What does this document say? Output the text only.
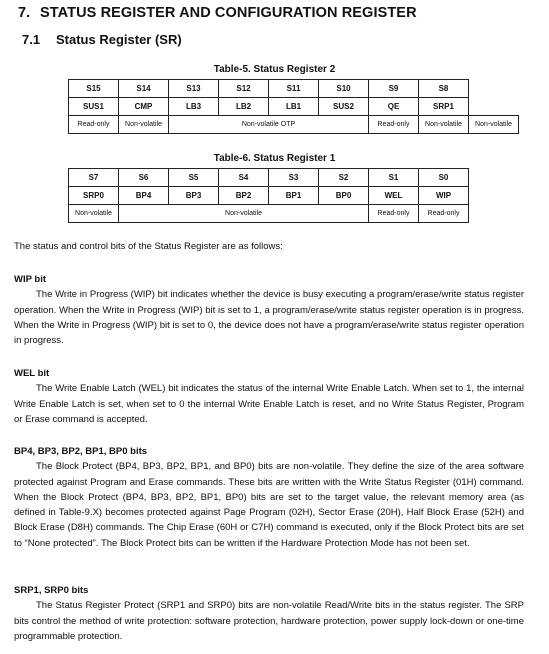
7. STATUS REGISTER AND CONFIGURATION REGISTER
7.1 Status Register (SR)
Table-5. Status Register 2
S15	S14	S13	S12	S11	S10	S9	S8	
SUS1	CMP	LB3	LB2	LB1	SUS2	QE	SRP1	
Read-only	Non-volatile	Non-volatile OTP				Read-only	Non-volatile	Non-volatile
Table-6. Status Register 1
S7	S6	S5	S4	S3	S2	S1	S0
SRP0	BP4	BP3	BP2	BP1	BP0	WEL	WIP
Non-volatile	Non-volatile					Read-only	Read-only
The status and control bits of the Status Register are as follows:
WIP bit
The Write in Progress (WIP) bit indicates whether the device is busy executing a program/erase/write status register operation. When the Write in Progress (WIP) bit is set to 1, a program/erase/write status register operation is in progress. When the Write in Progress (WIP) bit is set to 0, the device does not have a program/erase/write status register operation in progress.
WEL bit
The Write Enable Latch (WEL) bit indicates the status of the internal Write Enable Latch. When set to 1, the internal Write Enable Latch is set, when set to 0 the internal Write Enable Latch is reset, and no Write Status Register, Program or Erase command is accepted.
BP4, BP3, BP2, BP1, BP0 bits
The Block Protect (BP4, BP3, BP2, BP1, and BP0) bits are non-volatile. They define the size of the area software protected against Program and Erase commands. These bits are written with the Write Status Register (01H) command. When the Block Protect (BP4, BP3, BP2, BP1, BP0) bits are set to the target value, the relevant memory area (as defined in Table-9.X) becomes protected against Page Program (02H), Sector Erase (20H), Half Block Erase (52H) and Block Erase (D8H) commands. The Chip Erase (60H or C7H) command is executed, only if the Block Protect bits are set to “None protected”. The Block Protect bits can be written if the Hardware Protection Mode has not been set.
SRP1, SRP0 bits
The Status Register Protect (SRP1 and SRP0) bits are non-volatile Read/Write bits in the status register. The SRP bits control the method of write protection: software protection, hardware protection, power supply lock-down or one-time programmable protection.
